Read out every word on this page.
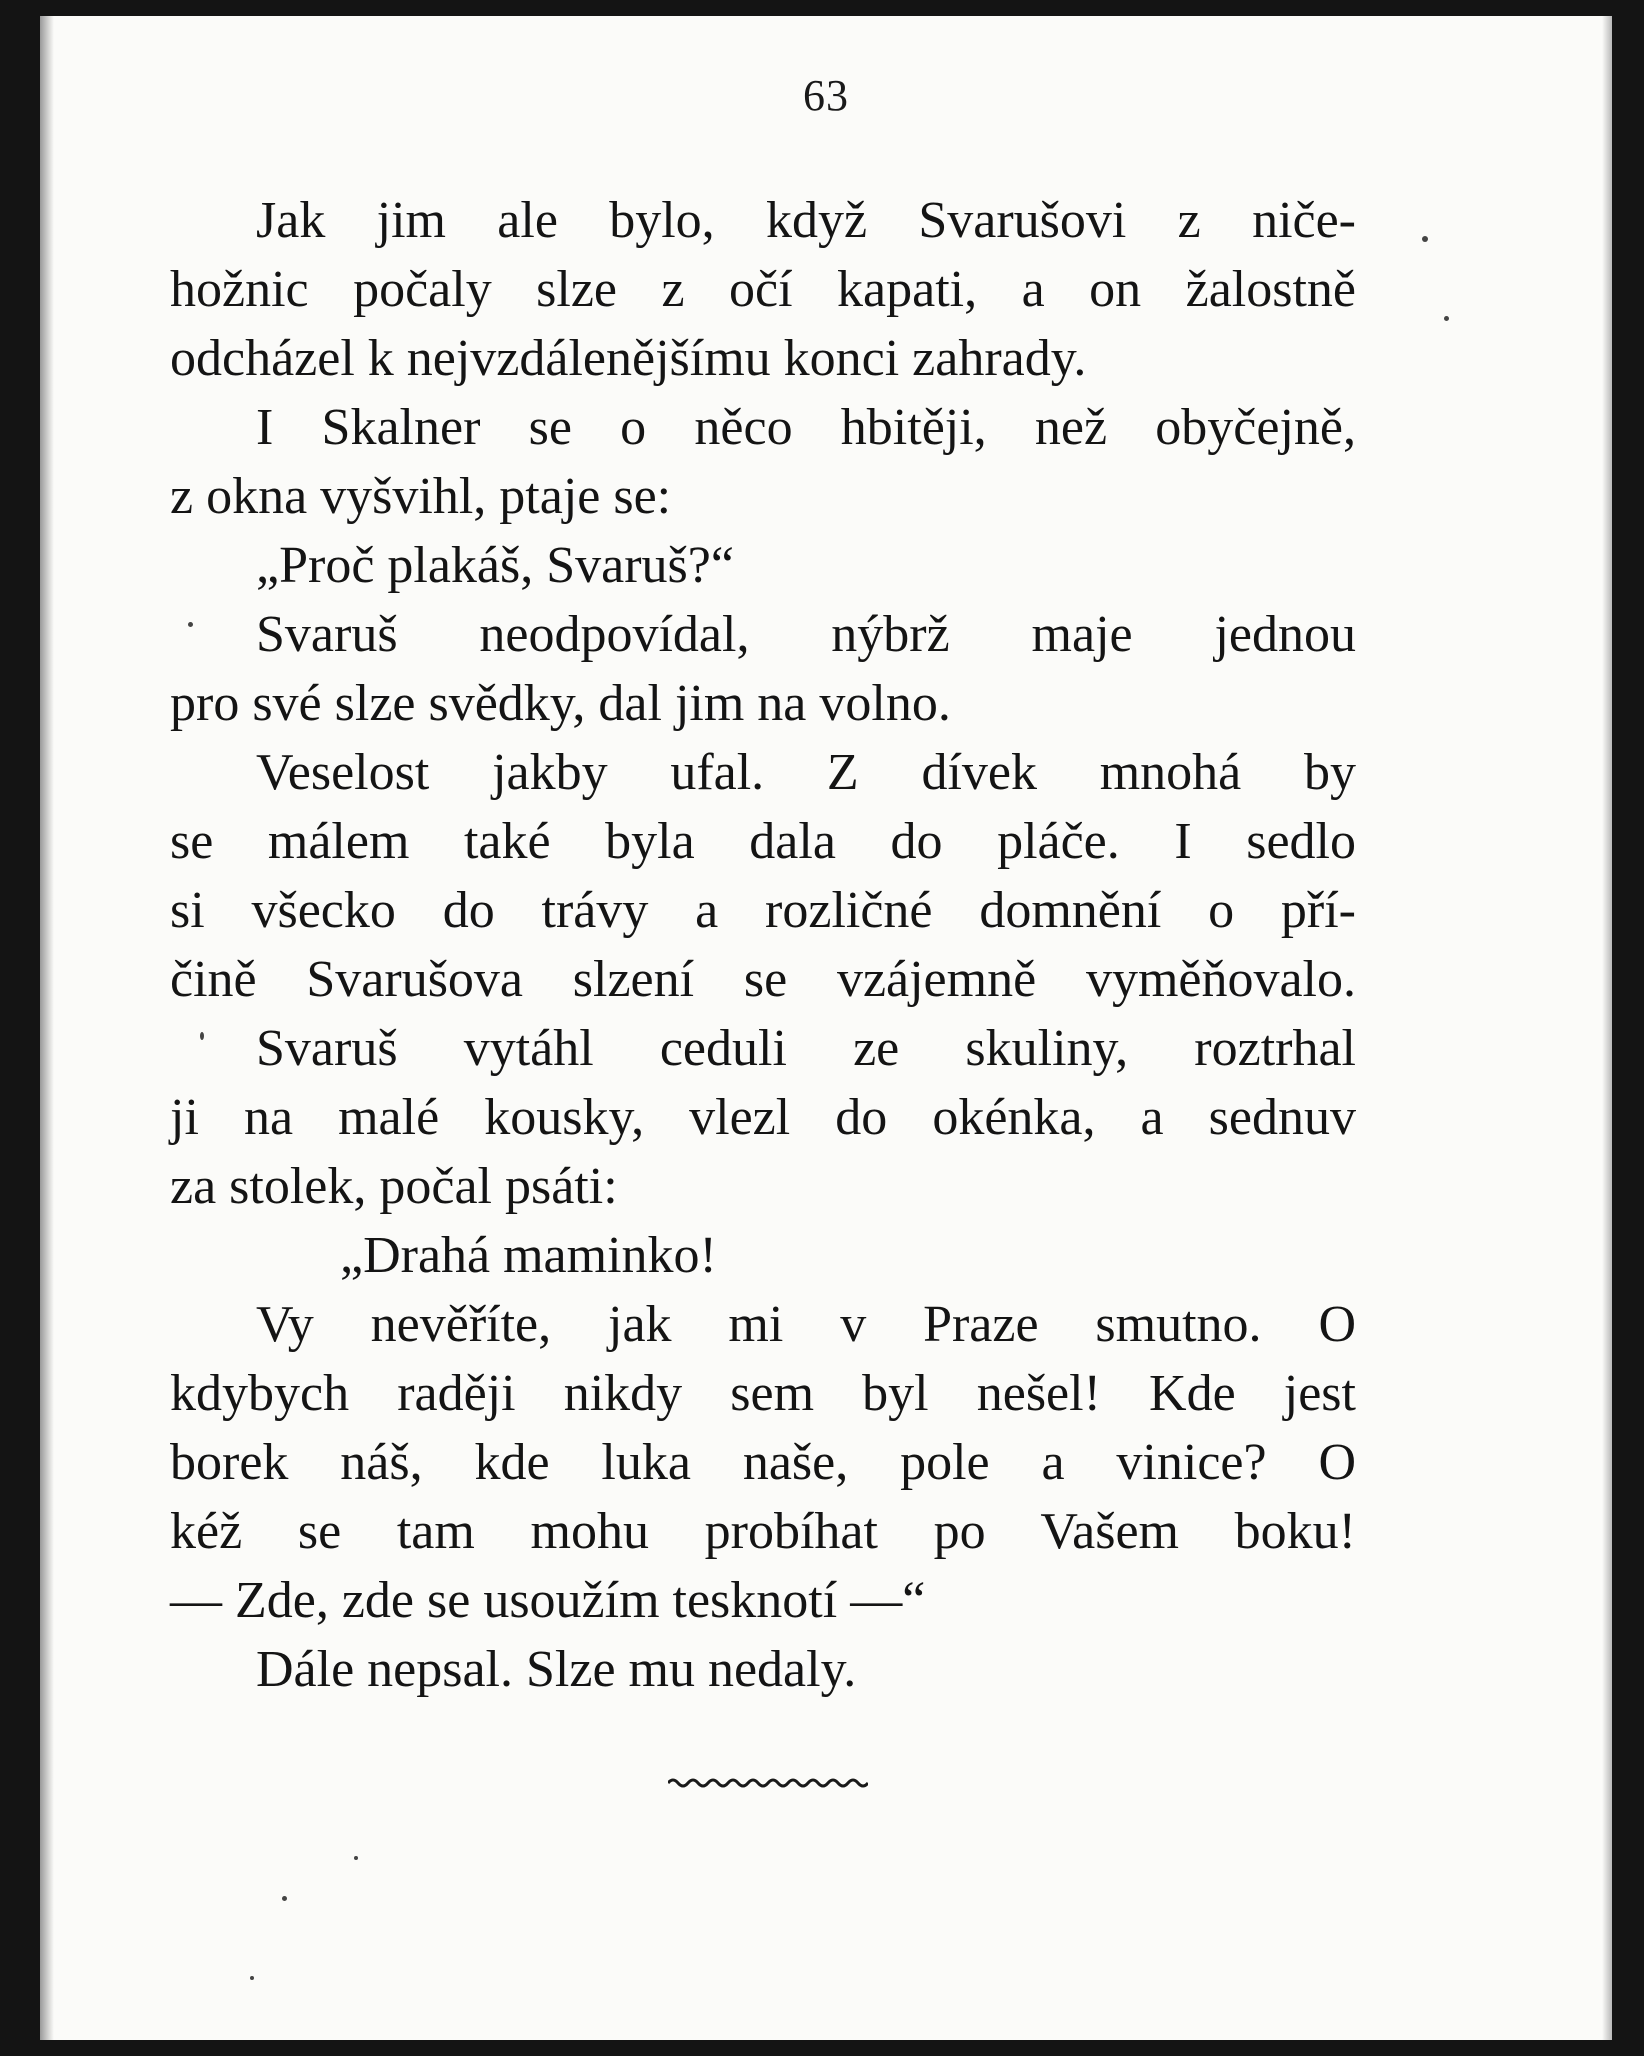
63
Jak jim ale bylo, když Svarušovi z niče-
hožnic počaly slze z očí kapati, a on žalostně
odcházel k nejvzdálenějšímu konci zahrady.
I Skalner se o něco hbitěji, než obyčejně,
z okna vyšvihl, ptaje se:
„Proč plakáš, Svaruš?“
Svaruš neodpovídal, nýbrž maje jednou
pro své slze svědky, dal jim na volno.
Veselost jakby ufal. Z dívek mnohá by
se málem také byla dala do pláče. I sedlo
si všecko do trávy a rozličné domnění o pří-
čině Svarušova slzení se vzájemně vyměňovalo.
Svaruš vytáhl ceduli ze skuliny, roztrhal
ji na malé kousky, vlezl do okénka, a sednuv
za stolek, počal psáti:
„Drahá maminko!
Vy nevěříte, jak mi v Praze smutno. O
kdybych raději nikdy sem byl nešel! Kde jest
borek náš, kde luka naše, pole a vinice? O
kéž se tam mohu probíhat po Vašem boku!
— Zde, zde se usoužím tesknotí —“
Dále nepsal. Slze mu nedaly.
